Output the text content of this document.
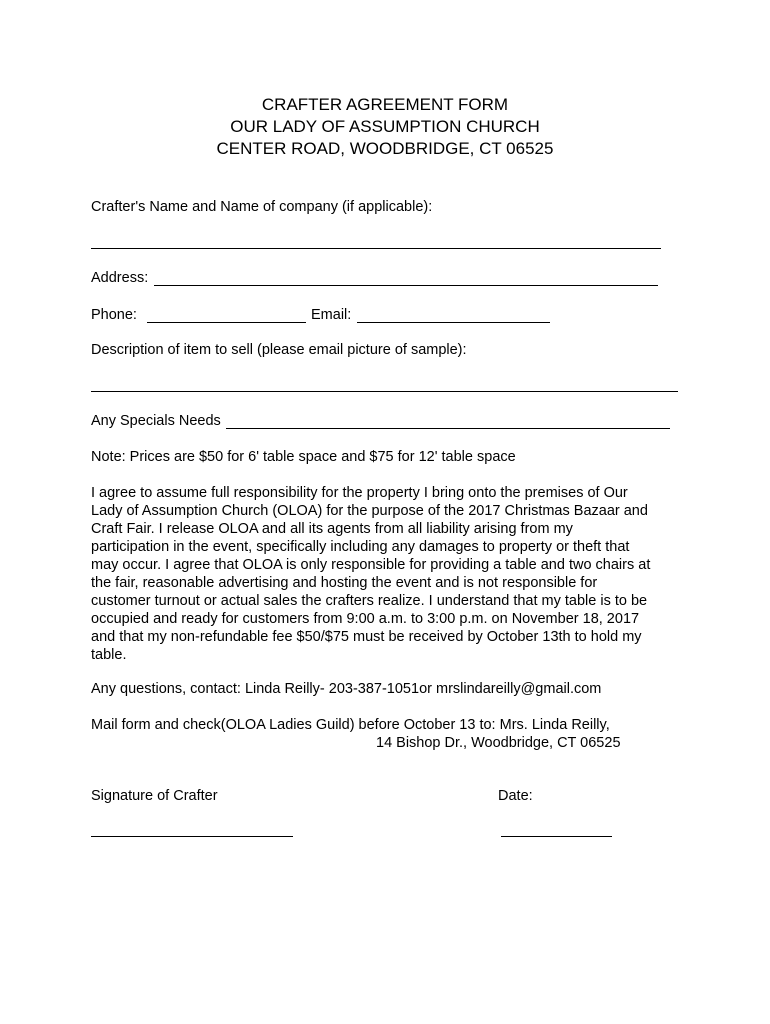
CRAFTER AGREEMENT FORM
OUR LADY OF ASSUMPTION CHURCH
CENTER ROAD, WOODBRIDGE, CT 06525
Crafter's Name and Name of company (if applicable):
Address:
Phone:	Email:
Description of item to sell (please email picture of sample):
Any Specials Needs
Note: Prices are $50 for 6' table space and $75 for 12' table space
I agree to assume full responsibility for the property I bring onto the premises of Our
Lady of Assumption Church (OLOA) for the purpose of the 2017 Christmas Bazaar and
Craft Fair. I release OLOA and all its agents from all liability arising from my
participation in the event, specifically including any damages to property or theft that
may occur. I agree that OLOA is only responsible for providing a table and two chairs at
the fair, reasonable advertising and hosting the event and is not responsible for
customer turnout or actual sales the crafters realize. I understand that my table is to be
occupied and ready for customers from 9:00 a.m. to 3:00 p.m. on November 18, 2017
and that my non-refundable fee $50/$75 must be received by October 13th to hold my
table.
Any questions, contact: Linda Reilly- 203-387-1051or mrslindareilly@gmail.com
Mail form and check(OLOA Ladies Guild) before October 13 to: Mrs. Linda Reilly,
14 Bishop Dr., Woodbridge, CT 06525
Signature of Crafter	Date:
